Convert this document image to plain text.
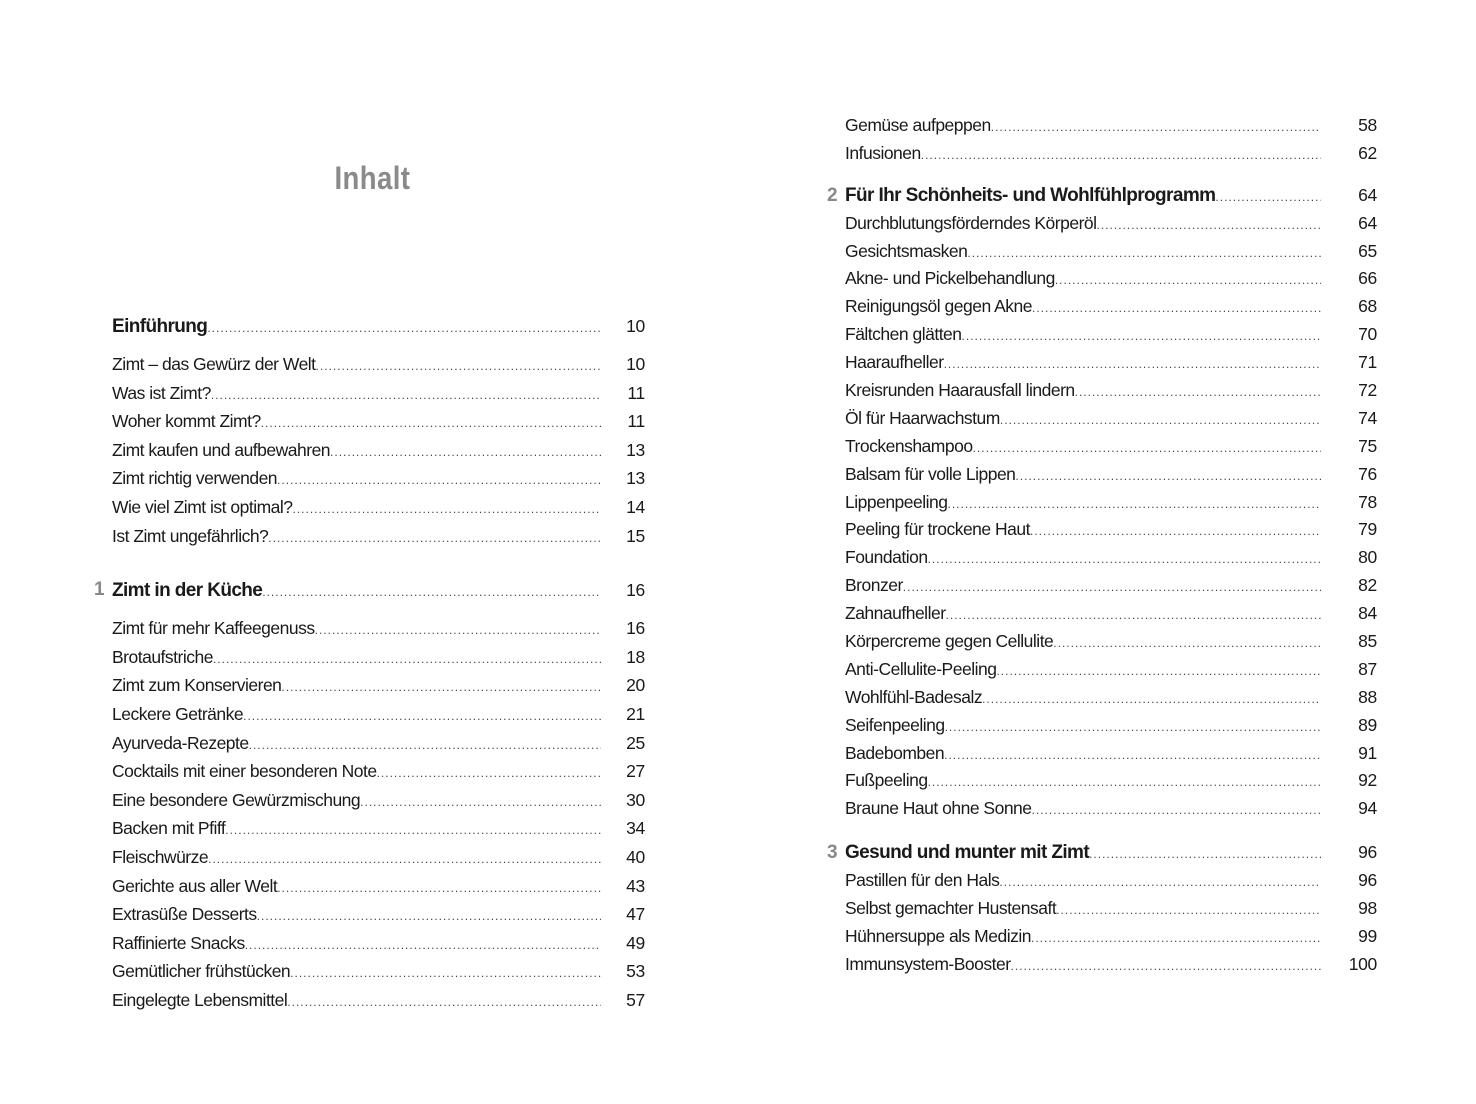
Inhalt
Einführung .....	10
Zimt – das Gewürz der Welt .....	10
Was ist Zimt? .....	11
Woher kommt Zimt? .....	11
Zimt kaufen und aufbewahren .....	13
Zimt richtig verwenden .....	13
Wie viel Zimt ist optimal? .....	14
Ist Zimt ungefährlich? .....	15
1 Zimt in der Küche .....	16
Zimt für mehr Kaffeegenuss .....	16
Brotaufstriche .....	18
Zimt zum Konservieren .....	20
Leckere Getränke .....	21
Ayurveda-Rezepte .....	25
Cocktails mit einer besonderen Note .....	27
Eine besondere Gewürzmischung .....	30
Backen mit Pfiff .....	34
Fleischwürze .....	40
Gerichte aus aller Welt .....	43
Extrasüße Desserts .....	47
Raffinierte Snacks .....	49
Gemütlicher frühstücken .....	53
Eingelegte Lebensmittel .....	57
Gemüse aufpeppen .....	58
Infusionen .....	62
2 Für Ihr Schönheits- und Wohlfühlprogramm .....	64
Durchblutungsförderndes Körperöl .....	64
Gesichtsmasken .....	65
Akne- und Pickelbehandlung .....	66
Reinigungsöl gegen Akne .....	68
Fältchen glätten .....	70
Haaraufheller .....	71
Kreisrunden Haarausfall lindern .....	72
Öl für Haarwachstum .....	74
Trockenshampoo .....	75
Balsam für volle Lippen .....	76
Lippenpeeling .....	78
Peeling für trockene Haut .....	79
Foundation .....	80
Bronzer .....	82
Zahnaufheller .....	84
Körpercreme gegen Cellulite .....	85
Anti-Cellulite-Peeling .....	87
Wohlfühl-Badesalz .....	88
Seifenpeeling .....	89
Badebomben .....	91
Fußpeeling .....	92
Braune Haut ohne Sonne .....	94
3 Gesund und munter mit Zimt .....	96
Pastillen für den Hals .....	96
Selbst gemachter Hustensaft .....	98
Hühnersuppe als Medizin .....	99
Immunsystem-Booster .....	100
